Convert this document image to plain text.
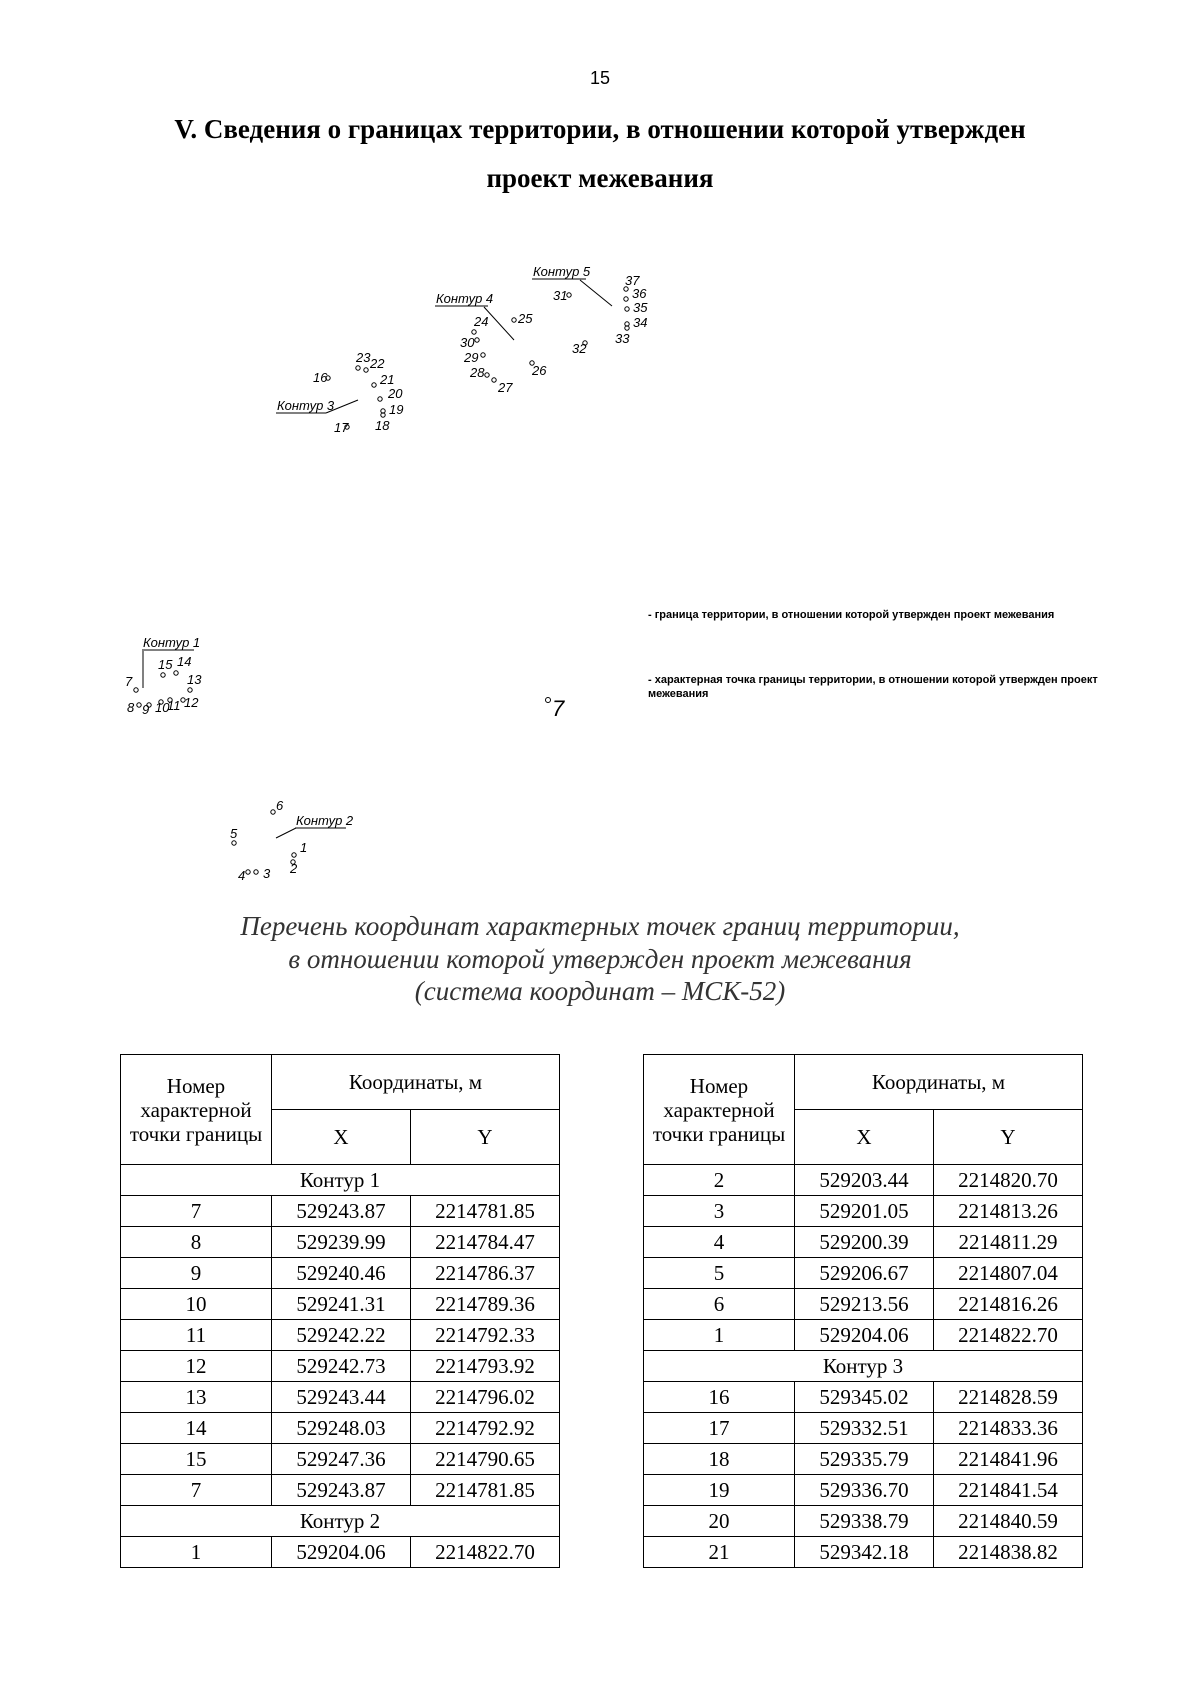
15
V. Сведения о границах территории, в отношении которой утвержден
проект межевания
Контур 5
Контур 4
Контур 3
Контур 1
Контур 2
7
8 9 10
11 12
13
14
15
7
1
2
3
4
5
6
16
17 18
19
20
21
22
23
24 25
26
27
28
29
30
31
32
33
34
35
36
37
- граница территории, в отношении которой утвержден проект межевания
- характерная точка границы территории, в отношении которой утвержден проект межевания
Перечень координат характерных точек границ территории,
в отношении которой утвержден проект межевания
(система координат – МСК-52)
Номер характерной точки границы	Координаты, м	
	X	Y
Контур 1		
7	529243.87	2214781.85
8	529239.99	2214784.47
9	529240.46	2214786.37
10	529241.31	2214789.36
11	529242.22	2214792.33
12	529242.73	2214793.92
13	529243.44	2214796.02
14	529248.03	2214792.92
15	529247.36	2214790.65
7	529243.87	2214781.85
Контур 2		
1	529204.06	2214822.70
Номер характерной точки границы	Координаты, м	
	X	Y
2	529203.44	2214820.70
3	529201.05	2214813.26
4	529200.39	2214811.29
5	529206.67	2214807.04
6	529213.56	2214816.26
1	529204.06	2214822.70
Контур 3		
16	529345.02	2214828.59
17	529332.51	2214833.36
18	529335.79	2214841.96
19	529336.70	2214841.54
20	529338.79	2214840.59
21	529342.18	2214838.82
